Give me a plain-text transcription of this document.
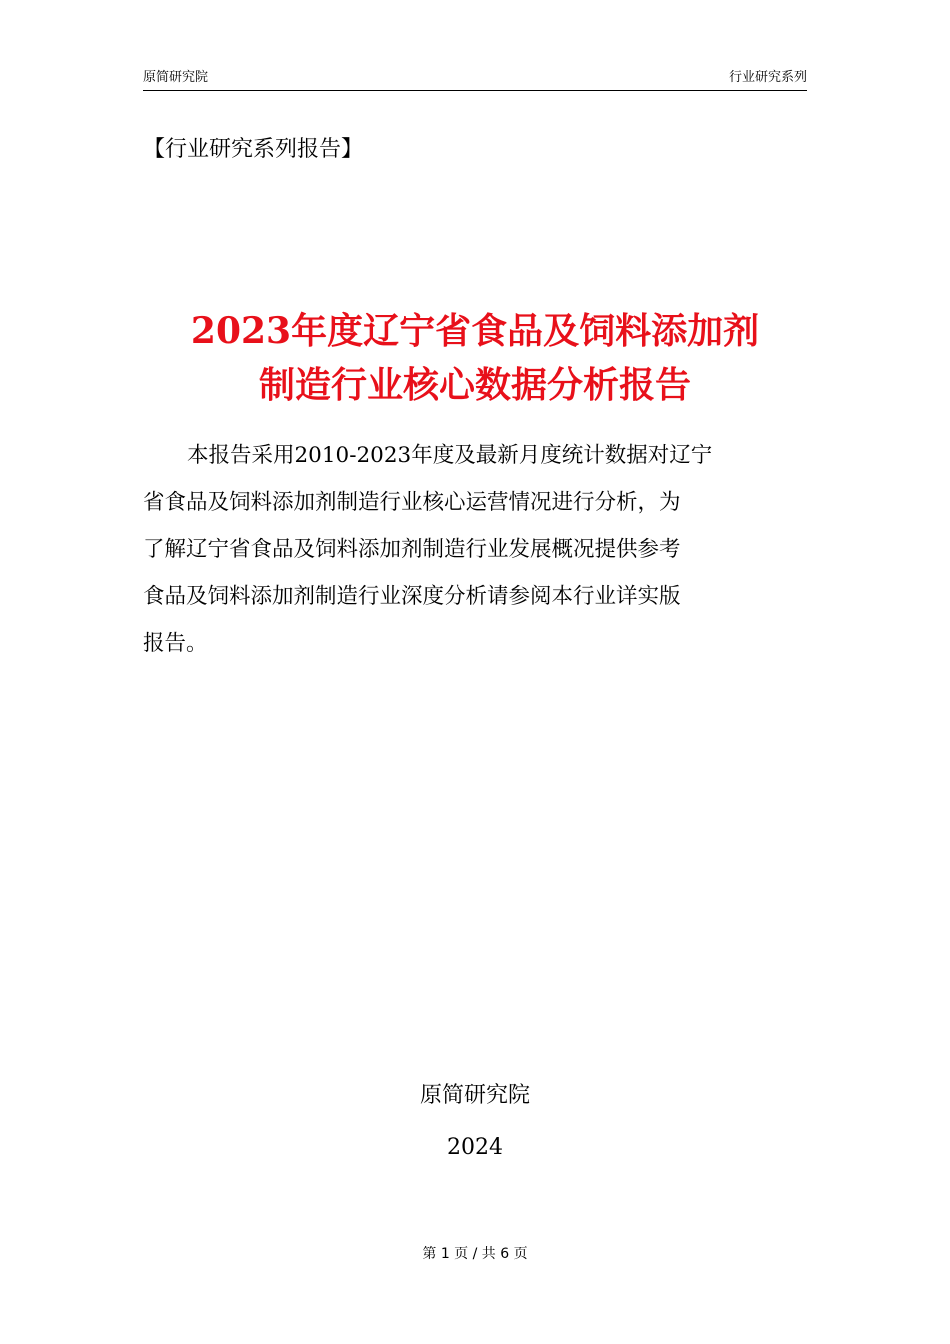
原简研究院	行业研究系列
【行业研究系列报告】
2023年度辽宁省食品及饲料添加剂
制造行业核心数据分析报告
本报告采用2010-2023年度及最新月度统计数据对辽宁
省食品及饲料添加剂制造行业核心运营情况进行分析，为
了解辽宁省食品及饲料添加剂制造行业发展概况提供参考
食品及饲料添加剂制造行业深度分析请参阅本行业详实版
报告。
原简研究院
2024
第 1 页 / 共 6 页
